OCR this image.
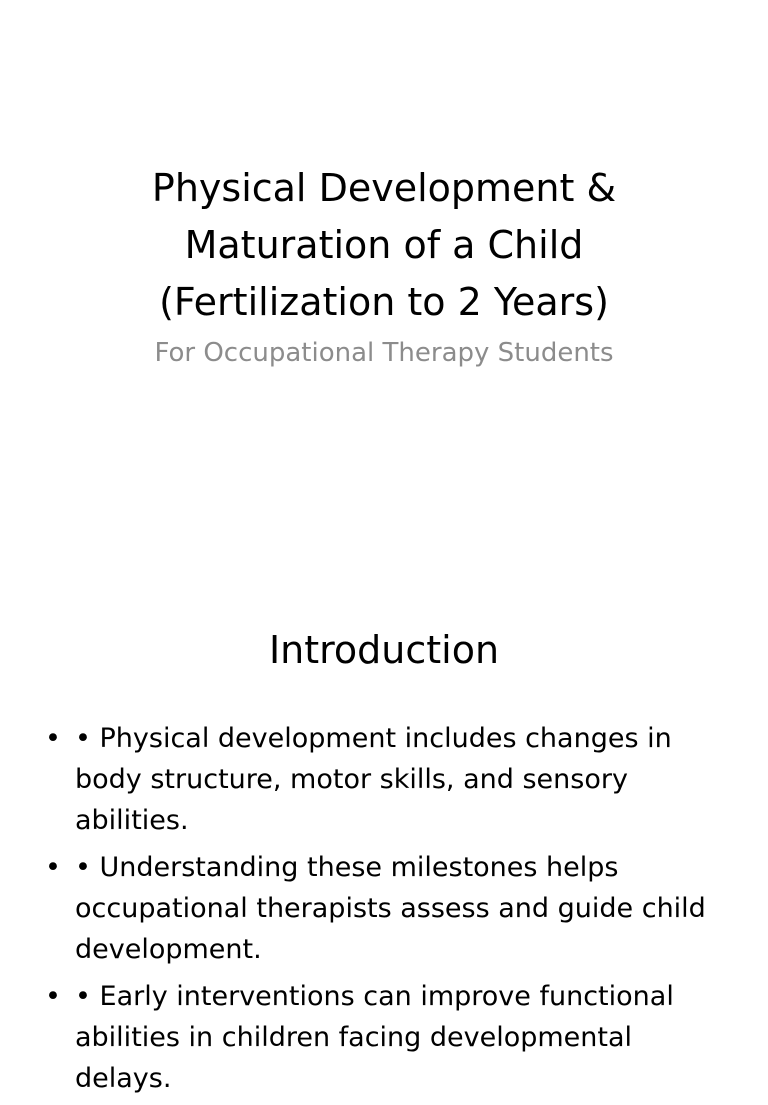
Physical Development &
Maturation of a Child
(Fertilization to 2 Years)
For Occupational Therapy Students
Introduction
• • Physical development includes changes in body structure, motor skills, and sensory abilities.
• • Understanding these milestones helps occupational therapists assess and guide child development.
• • Early interventions can improve functional abilities in children facing developmental delays.
